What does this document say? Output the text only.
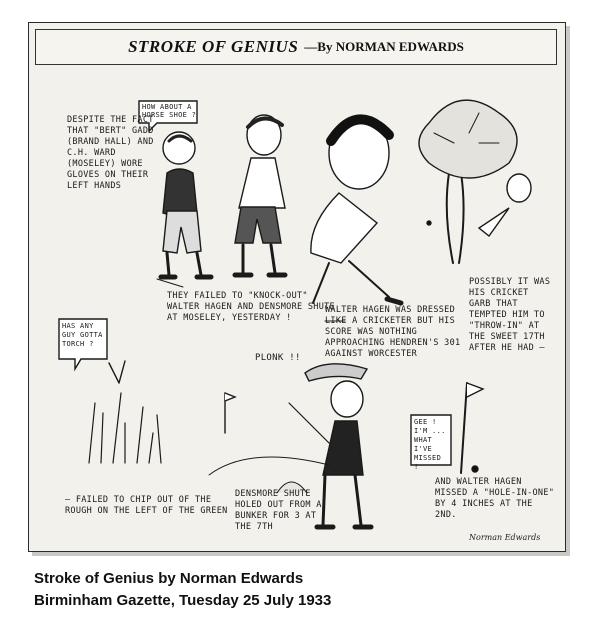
STROKE OF GENIUS —By NORMAN EDWARDS
DESPITE THE FACT THAT "BERT" GADD (BRAND HALL) AND C.H. WARD (MOSELEY) WORE GLOVES ON THEIR LEFT HANDS
HOW ABOUT A HORSE SHOE ?
THEY FAILED TO "KNOCK-OUT" WALTER HAGEN AND DENSMORE SHUTE AT MOSELEY, YESTERDAY !
WALTER HAGEN WAS DRESSED LIKE A CRICKETER BUT HIS SCORE WAS NOTHING APPROACHING HENDREN'S 301 AGAINST WORCESTER
POSSIBLY IT WAS HIS CRICKET GARB THAT TEMPTED HIM TO "THROW-IN" AT THE SWEET 17TH AFTER HE HAD —
HAS ANY GUY GOTTA TORCH ?
GEE ! I'M ... WHAT I'VE MISSED !
PLONK !!
— FAILED TO CHIP OUT OF THE ROUGH ON THE LEFT OF THE GREEN
DENSMORE SHUTE HOLED OUT FROM A BUNKER FOR 3 AT THE 7TH
AND WALTER HAGEN MISSED A "HOLE-IN-ONE" BY 4 INCHES AT THE 2ND.
Norman Edwards
Stroke of Genius by Norman Edwards
Birminham Gazette, Tuesday 25 July 1933
